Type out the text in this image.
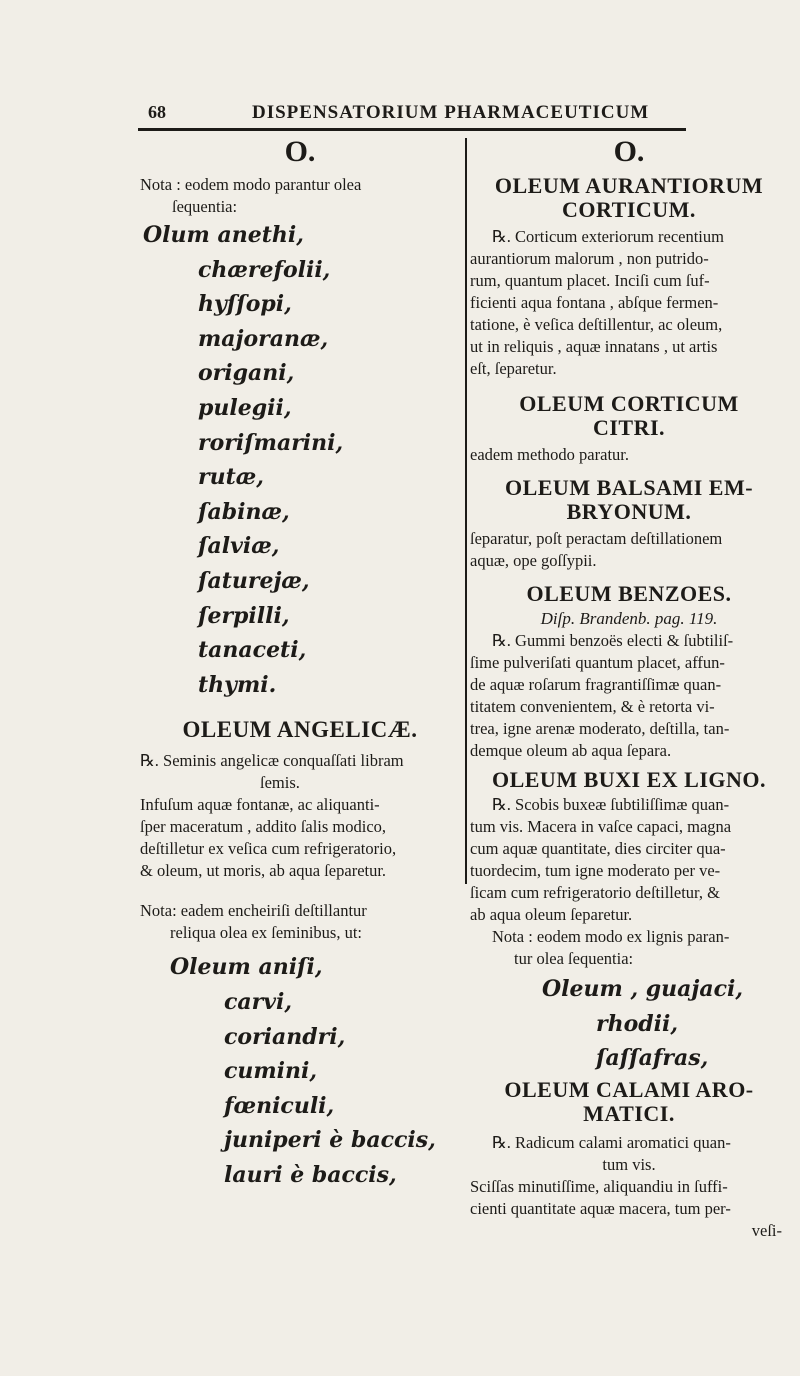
68	DISPENSATORIUM PHARMACEUTICUM
O.

Nota : eodem modo parantur olea

ſequentia:

Olum anethi,
chærefolii,
hyſſopi,
majoranæ,
origani,
pulegii,
roriſmarini,
rutæ,
ſabinæ,
ſalviæ,
ſaturejæ,
ſerpilli,
tanaceti,
thymi.
OLEUM ANGELICÆ.

℞. Seminis angelicæ conquaſſati libram

ſemis.

Infuſum aquæ fontanæ, ac aliquanti-

ſper maceratum , addito ſalis modico,

deſtilletur ex veſica cum refrigeratorio,

& oleum, ut moris, ab aqua ſeparetur.

Nota: eadem encheiriſi deſtillantur

reliqua olea ex ſeminibus, ut:

Oleum aniſi,
carvi,
coriandri,
cumini,
fœniculi,
juniperi è baccis,
lauri è baccis,
O.
OLEUM AURANTIORUM
CORTICUM.

℞. Corticum exteriorum recentium

aurantiorum malorum , non putrido-

rum, quantum placet. Inciſi cum ſuf-

ficienti aqua fontana , abſque fermen-

tatione, è veſica deſtillentur, ac oleum,

ut in reliquis , aquæ innatans , ut artis

eſt, ſeparetur.

OLEUM CORTICUM
CITRI.

eadem methodo paratur.

OLEUM BALSAMI EM-
BRYONUM.

ſeparatur, poſt peractam deſtillationem

aquæ, ope goſſypii.

OLEUM BENZOES.
Diſp. Brandenb. pag. 119.

℞. Gummi benzoës electi & ſubtiliſ-

ſime pulveriſati quantum placet, affun-

de aquæ roſarum fragrantiſſimæ quan-

titatem convenientem, & è retorta vi-

trea, igne arenæ moderato, deſtilla, tan-

demque oleum ab aqua ſepara.

OLEUM BUXI EX LIGNO.

℞. Scobis buxeæ ſubtiliſſimæ quan-

tum vis. Macera in vaſce capaci, magna

cum aquæ quantitate, dies circiter qua-

tuordecim, tum igne moderato per ve-

ſicam cum refrigeratorio deſtilletur, &

ab aqua oleum ſeparetur.

Nota : eodem modo ex lignis paran-

tur olea ſequentia:

Oleum , guajaci,
rhodii,
ſaſſafras,
OLEUM CALAMI ARO-
MATICI.

℞. Radicum calami aromatici quan-

tum vis.

Sciſſas minutiſſime, aliquandiu in ſuffi-

cienti quantitate aquæ macera, tum per-

veſi-
